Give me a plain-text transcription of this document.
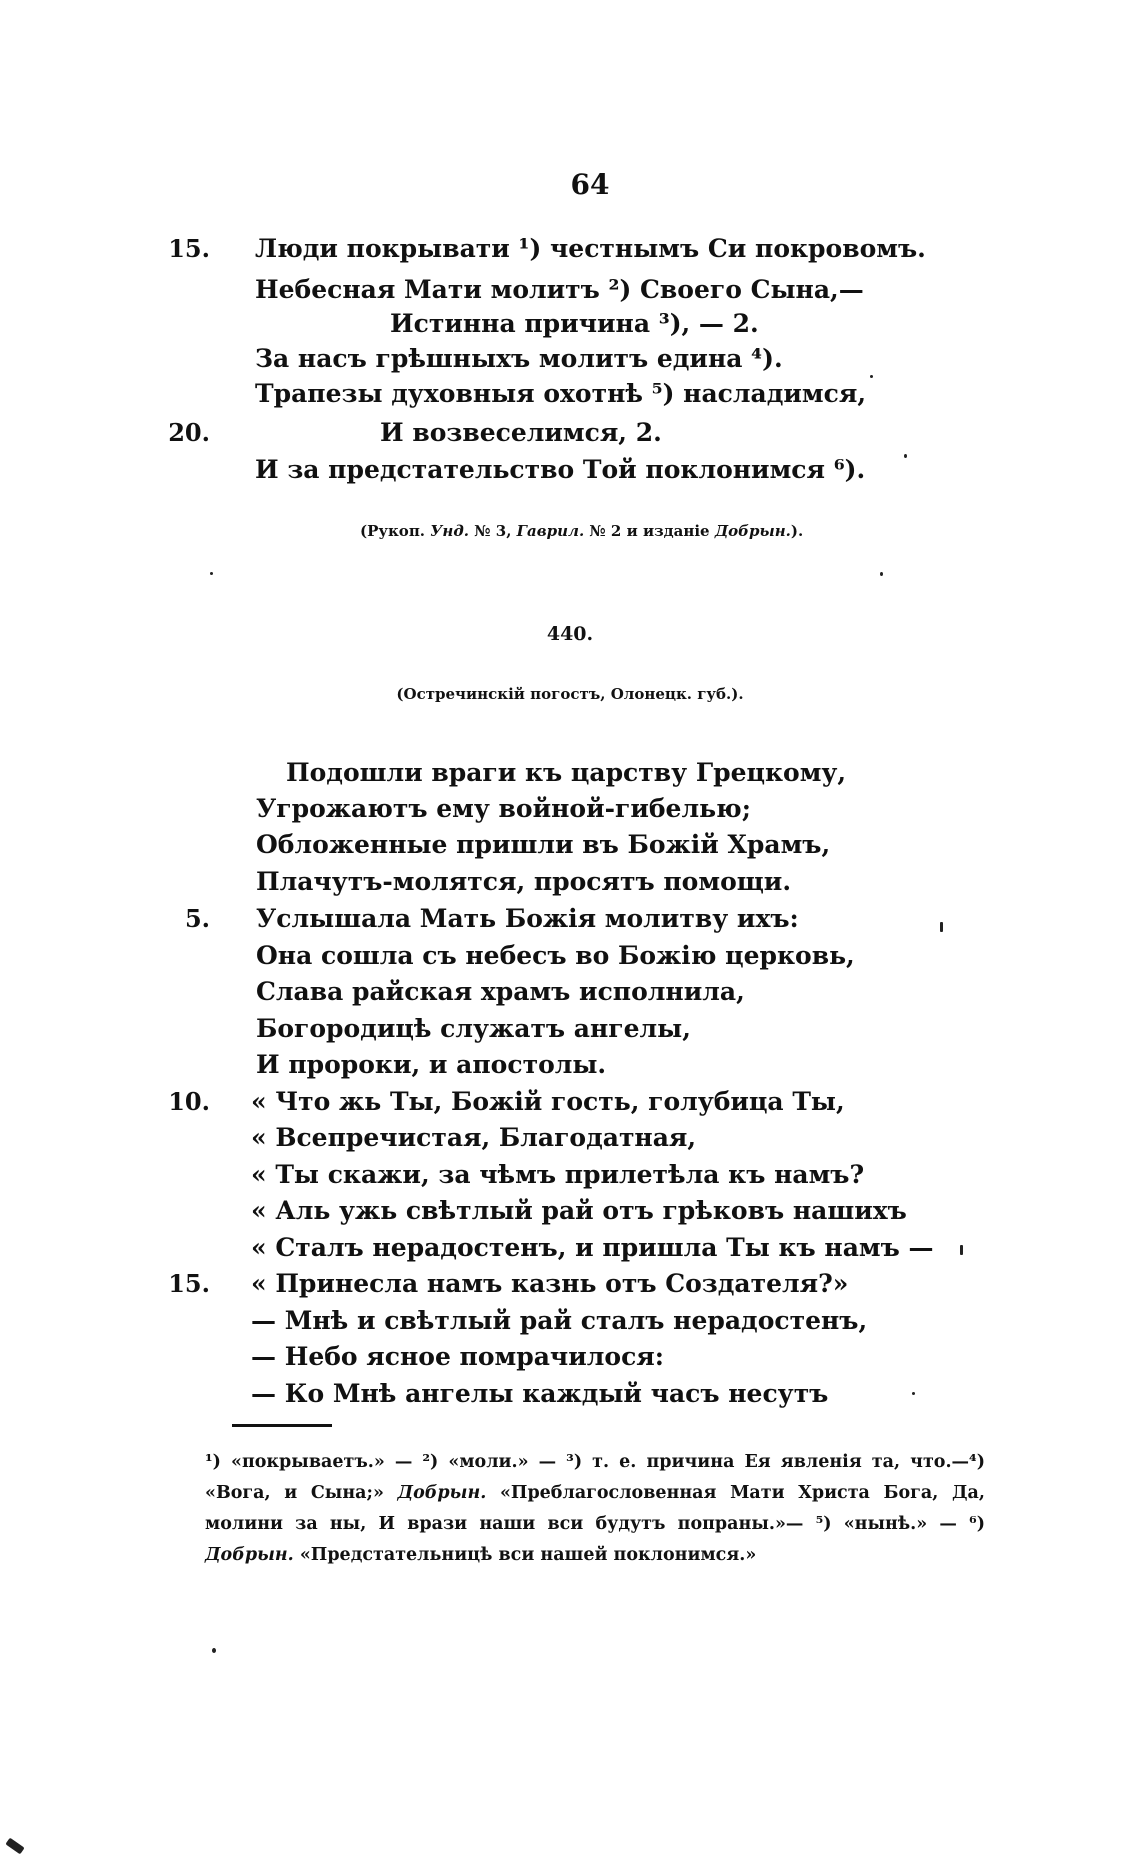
64
15. Люди покрывати ¹) честнымъ Си покровомъ.
Небесная Мати молитъ ²) Своего Сына,—
Истинна причина ³), — 2.
За насъ грѣшныхъ молитъ едина ⁴).
Трапезы духовныя охотнѣ ⁵) насладимся,
20.	И возвеселимся, 2.
И за предстательство Той поклонимся ⁶).
(Рукоп. Унд. № 3, Гаврил. № 2 и изданіе Добрын.).
440.
(Остречинскій погостъ, Олонецк. губ.).
Подошли враги къ царству Грецкому,
Угрожаютъ ему войной-гибелью;
Обложенные пришли въ Божій Храмъ,
Плачутъ-молятся, просятъ помощи.
5. Услышала Мать Божія молитву ихъ:
Она сошла съ небесъ во Божію церковь,
Слава райская храмъ исполнила,
Богородицѣ служатъ ангелы,
И пророки, и апостолы.
10. « Что жь Ты, Божій гость, голубица Ты,
« Всепречистая, Благодатная,
« Ты скажи, за чѣмъ прилетѣла къ намъ?
« Аль ужь свѣтлый рай отъ грѣковъ нашихъ
« Сталъ нерадостенъ, и пришла Ты къ намъ —
15. « Принесла намъ казнь отъ Создателя?»
— Мнѣ и свѣтлый рай сталъ нерадостенъ,
— Небо ясное помрачилося:
— Ко Мнѣ ангелы каждый часъ несутъ
¹) «покрываетъ.» — ²) «моли.» — ³) т. е. причина Ея явленія та, что.—⁴) «Вога, и Сына;» Добрын. «Преблагословенная Мати Христа Бога, Да, молини за ны, И врази наши вси будутъ попраны.»— ⁵) «нынѣ.» — ⁶) Добрын. «Предстательницѣ вси нашей поклонимся.»
